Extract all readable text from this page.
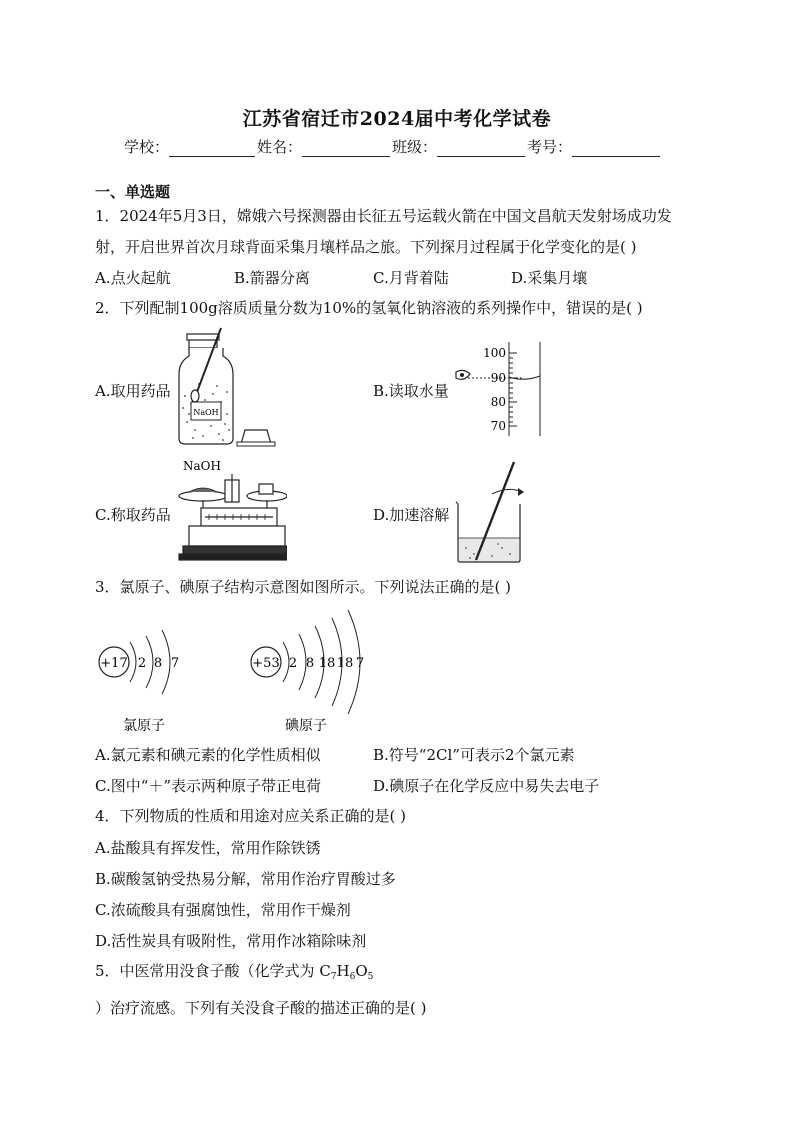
江苏省宿迁市2024届中考化学试卷
学校：	姓名：	班级：	考号：
一、单选题
1．2024年5月3日，嫦娥六号探测器由长征五号运载火箭在中国文昌航天发射场成功发
射，开启世界首次月球背面采集月壤样品之旅。下列探月过程属于化学变化的是( )
A.点火起航	B.箭器分离	C.月背着陆	D.采集月壤
2．下列配制100g溶质质量分数为10%的氢氧化钠溶液的系列操作中，错误的是( )
A.取用药品
NaOH
B.读取水量
100
90
80
70
NaOH
C.称取药品	D.加速溶解
3．氯原子、碘原子结构示意图如图所示。下列说法正确的是( )
+17 2 8 7
氯原子
+53 2 8 18 18 7
碘原子
A.氯元素和碘元素的化学性质相似	B.符号“2Cl”可表示2个氯元素
C.图中“＋”表示两种原子带正电荷	D.碘原子在化学反应中易失去电子
4．下列物质的性质和用途对应关系正确的是( )
A.盐酸具有挥发性，常用作除铁锈
B.碳酸氢钠受热易分解，常用作治疗胃酸过多
C.浓硫酸具有强腐蚀性，常用作干燥剂
D.活性炭具有吸附性，常用作冰箱除味剂
5．中医常用没食子酸（化学式为 $C_7H_6O_5$
）治疗流感。下列有关没食子酸的描述正确的是( )
